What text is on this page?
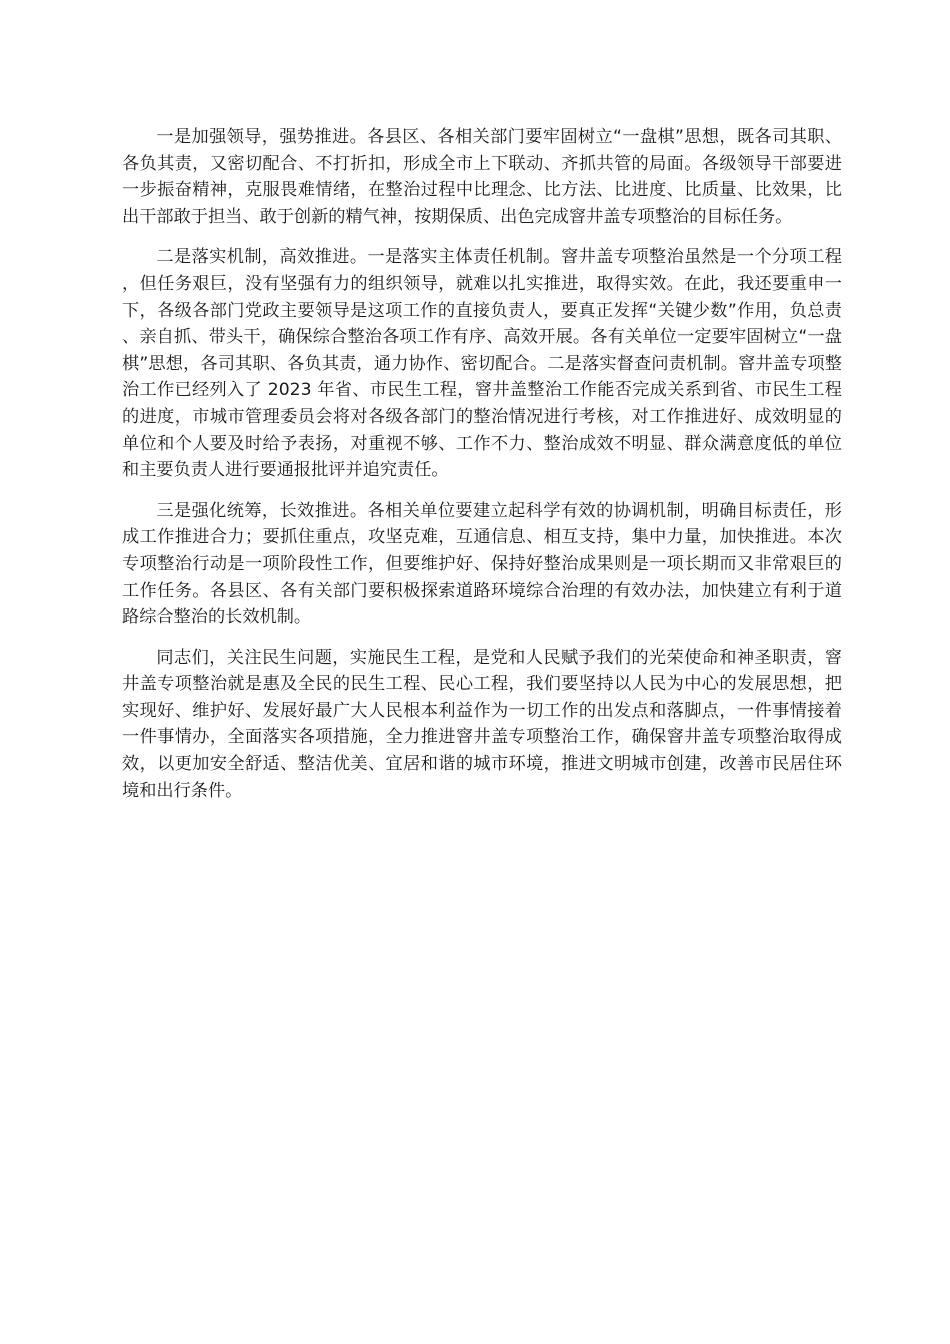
一是加强领导，强势推进。各县区、各相关部门要牢固树立“一盘棋”思想，既各司其职、各负其责，又密切配合、不打折扣，形成全市上下联动、齐抓共管的局面。各级领导干部要进一步振奋精神，克服畏难情绪，在整治过程中比理念、比方法、比进度、比质量、比效果，比出干部敢于担当、敢于创新的精气神，按期保质、出色完成窨井盖专项整治的目标任务。

二是落实机制，高效推进。一是落实主体责任机制。窨井盖专项整治虽然是一个分项工程，但任务艰巨，没有坚强有力的组织领导，就难以扎实推进，取得实效。在此，我还要重申一下，各级各部门党政主要领导是这项工作的直接负责人，要真正发挥“关键少数”作用，负总责、亲自抓、带头干，确保综合整治各项工作有序、高效开展。各有关单位一定要牢固树立“一盘棋”思想，各司其职、各负其责，通力协作、密切配合。二是落实督查问责机制。窨井盖专项整治工作已经列入了 2023 年省、市民生工程，窨井盖整治工作能否完成关系到省、市民生工程的进度，市城市管理委员会将对各级各部门的整治情况进行考核，对工作推进好、成效明显的单位和个人要及时给予表扬，对重视不够、工作不力、整治成效不明显、群众满意度低的单位和主要负责人进行要通报批评并追究责任。

三是强化统筹，长效推进。各相关单位要建立起科学有效的协调机制，明确目标责任，形成工作推进合力；要抓住重点，攻坚克难，互通信息、相互支持，集中力量，加快推进。本次专项整治行动是一项阶段性工作，但要维护好、保持好整治成果则是一项长期而又非常艰巨的工作任务。各县区、各有关部门要积极探索道路环境综合治理的有效办法，加快建立有利于道路综合整治的长效机制。

同志们，关注民生问题，实施民生工程，是党和人民赋予我们的光荣使命和神圣职责，窨井盖专项整治就是惠及全民的民生工程、民心工程，我们要坚持以人民为中心的发展思想，把实现好、维护好、发展好最广大人民根本利益作为一切工作的出发点和落脚点，一件事情接着一件事情办，全面落实各项措施，全力推进窨井盖专项整治工作，确保窨井盖专项整治取得成效，以更加安全舒适、整洁优美、宜居和谐的城市环境，推进文明城市创建，改善市民居住环境和出行条件。
